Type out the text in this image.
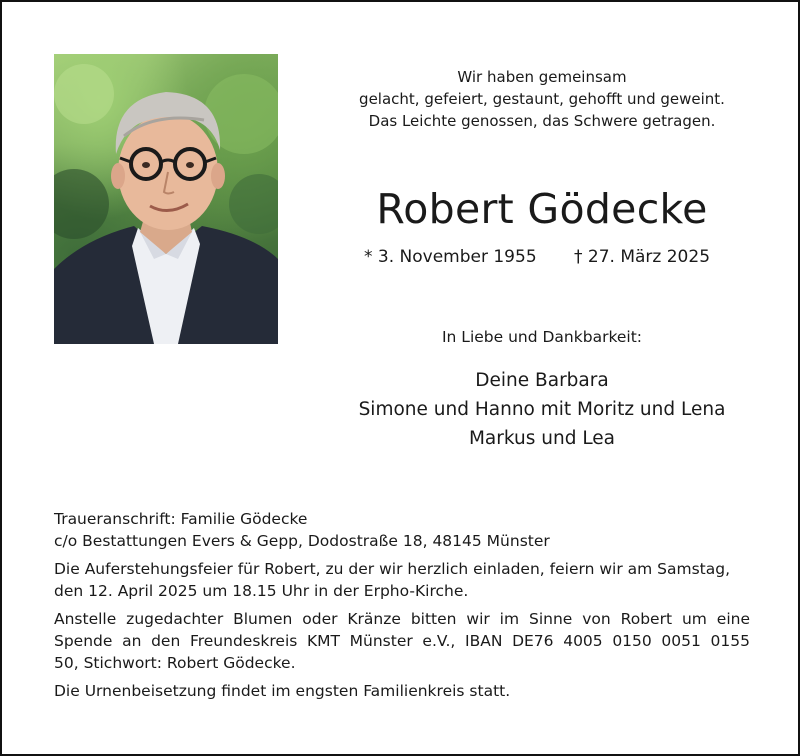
Wir haben gemeinsam
gelacht, gefeiert, gestaunt, gehofft und geweint.
Das Leichte genossen, das Schwere getragen.
Robert Gödecke
* 3. November 1955 † 27. März 2025
In Liebe und Dankbarkeit:
Deine Barbara
Simone und Hanno mit Moritz und Lena
Markus und Lea

Traueranschrift: Familie Gödecke
c/o Bestattungen Evers & Gepp, Dodostraße 18, 48145 Münster

Die Auferstehungsfeier für Robert, zu der wir herzlich einladen, feiern wir am Samstag,
den 12. April 2025 um 18.15 Uhr in der Erpho-Kirche.

Anstelle zugedachter Blumen oder Kränze bitten wir im Sinne von Robert um eine
Spende an den Freundeskreis KMT Münster e.V., IBAN DE76 4005 0150 0051 0155
50, Stichwort: Robert Gödecke.

Die Urnenbeisetzung findet im engsten Familienkreis statt.
